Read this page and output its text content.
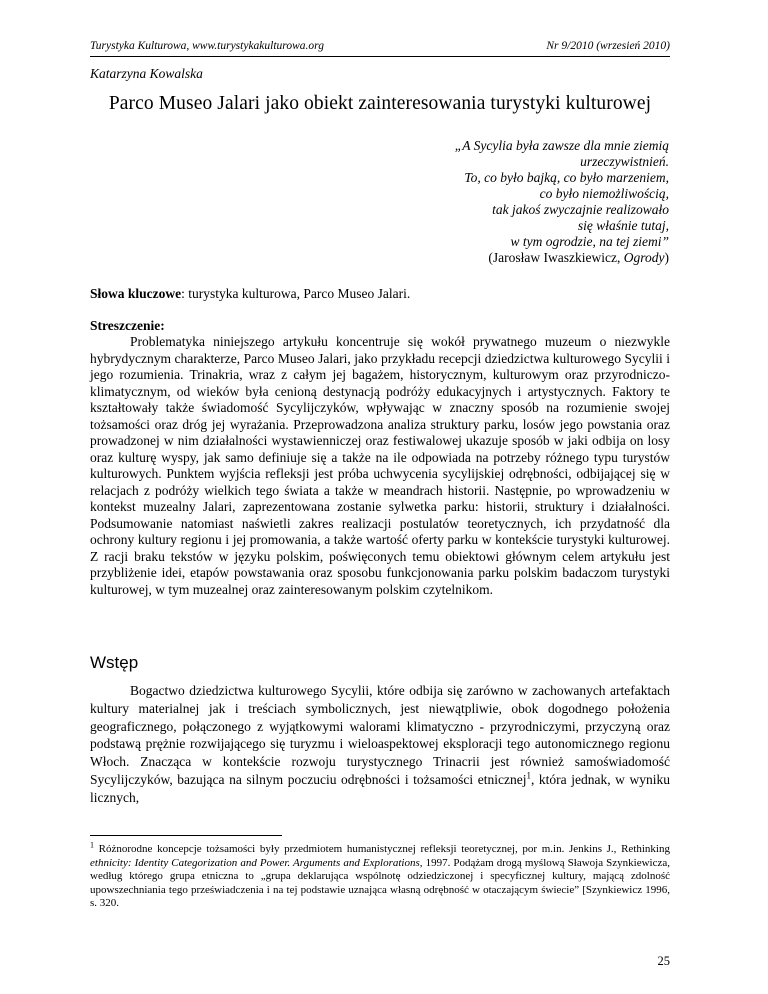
Turystyka Kulturowa, www.turystykakulturowa.org	Nr 9/2010 (wrzesień 2010)
Katarzyna Kowalska
Parco Museo Jalari jako obiekt zainteresowania turystyki kulturowej
„A Sycylia była zawsze dla mnie ziemią
urzeczywistnień.
To, co było bajką, co było marzeniem,
co było niemożliwością,
tak jakoś zwyczajnie realizowało
się właśnie tutaj,
w tym ogrodzie, na tej ziemi”
(Jarosław Iwaszkiewicz, Ogrody)
Słowa kluczowe: turystyka kulturowa, Parco Museo Jalari.
Streszczenie:

Problematyka niniejszego artykułu koncentruje się wokół prywatnego muzeum o niezwykle hybrydycznym charakterze, Parco Museo Jalari, jako przykładu recepcji dziedzictwa kulturowego Sycylii i jego rozumienia. Trinakria, wraz z całym jej bagażem, historycznym, kulturowym oraz przyrodniczo-klimatycznym, od wieków była cenioną destynacją podróży edukacyjnych i artystycznych. Faktory te kształtowały także świadomość Sycylijczyków, wpływając w znaczny sposób na rozumienie swojej tożsamości oraz dróg jej wyrażania. Przeprowadzona analiza struktury parku, losów jego powstania oraz prowadzonej w nim działalności wystawienniczej oraz festiwalowej ukazuje sposób w jaki odbija on losy oraz kulturę wyspy, jak samo definiuje się a także na ile odpowiada na potrzeby różnego typu turystów kulturowych. Punktem wyjścia refleksji jest próba uchwycenia sycylijskiej odrębności, odbijającej się w relacjach z podróży wielkich tego świata a także w meandrach historii. Następnie, po wprowadzeniu w kontekst muzealny Jalari, zaprezentowana zostanie sylwetka parku: historii, struktury i działalności. Podsumowanie natomiast naświetli zakres realizacji postulatów teoretycznych, ich przydatność dla ochrony kultury regionu i jej promowania, a także wartość oferty parku w kontekście turystyki kulturowej. Z racji braku tekstów w języku polskim, poświęconych temu obiektowi głównym celem artykułu jest przybliżenie idei, etapów powstawania oraz sposobu funkcjonowania parku polskim badaczom turystyki kulturowej, w tym muzealnej oraz zainteresowanym polskim czytelnikom.

Wstęp

Bogactwo dziedzictwa kulturowego Sycylii, które odbija się zarówno w zachowanych artefaktach kultury materialnej jak i treściach symbolicznych, jest niewątpliwie, obok dogodnego położenia geograficznego, połączonego z wyjątkowymi walorami klimatyczno - przyrodniczymi, przyczyną oraz podstawą prężnie rozwijającego się turyzmu i wieloaspektowej eksploracji tego autonomicznego regionu Włoch. Znacząca w kontekście rozwoju turystycznego Trinacrii jest również samoświadomość Sycylijczyków, bazująca na silnym poczuciu odrębności i tożsamości etnicznej$^1$, która jednak, w wyniku licznych,

$^1$ Różnorodne koncepcje tożsamości były przedmiotem humanistycznej refleksji teoretycznej, por m.in. Jenkins J., Rethinking ethnicity: Identity Categorization and Power. Arguments and Explorations, 1997. Podążam drogą myślową Sławoja Szynkiewicza, według którego grupa etniczna to „grupa deklarująca wspólnotę odziedziczonej i specyficznej kultury, mającą zdolność upowszechniania tego przeświadczenia i na tej podstawie uznająca własną odrębność w otaczającym świecie” [Szynkiewicz 1996, s. 320.

25
